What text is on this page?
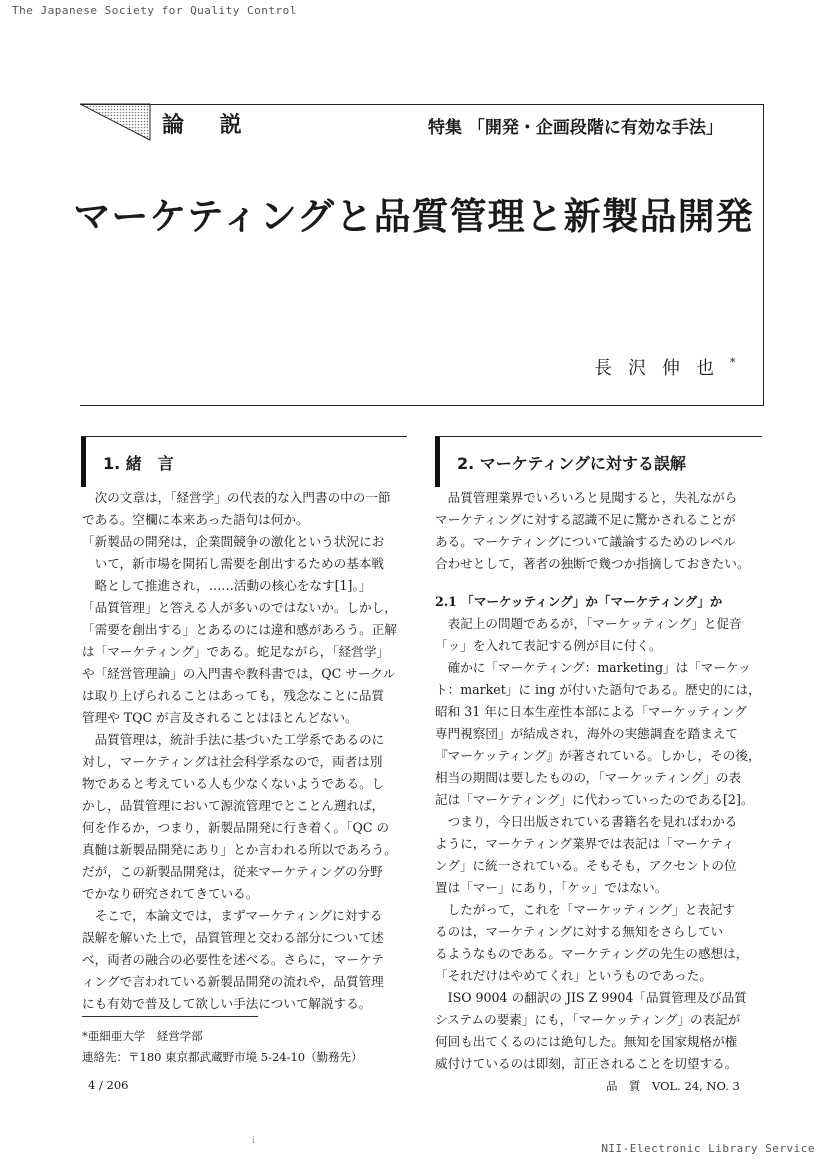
The Japanese Society for Quality Control
論 説	特集 「開発・企画段階に有効な手法」
マーケティングと品質管理と新製品開発
長沢伸也 *
1. 緒　言	2. マーケティングに対する誤解

　次の文章は，「経営学」の代表的な入門書の中の一節

である。空欄に本来あった語句は何か。

「新製品の開発は，企業間競争の激化という状況にお

　いて，新市場を開拓し需要を創出するための基本戦

　略として推進され，……活動の核心をなす[1]。」

「品質管理」と答える人が多いのではないか。しかし，

「需要を創出する」とあるのには違和感があろう。正解

は「マーケティング」である。蛇足ながら，「経営学」

や「経営管理論」の入門書や教科書では，QC サークル

は取り上げられることはあっても，残念なことに品質

管理や TQC が言及されることはほとんどない。

　品質管理は，統計手法に基づいた工学系であるのに

対し，マーケティングは社会科学系なので，両者は別

物であると考えている人も少なくないようである。し

かし，品質管理において源流管理でとことん遡れば，

何を作るか，つまり，新製品開発に行き着く。「QC の

真髄は新製品開発にあり」とか言われる所以であろう。

だが，この新製品開発は，従来マーケティングの分野

でかなり研究されてきている。

　そこで，本論文では，まずマーケティングに対する

誤解を解いた上で，品質管理と交わる部分について述

べ，両者の融合の必要性を述べる。さらに，マーケテ

ィングで言われている新製品開発の流れや，品質管理

にも有効で普及して欲しい手法について解説する。

　品質管理業界でいろいろと見聞すると，失礼ながら

マーケティングに対する認識不足に驚かされることが

ある。マーケティングについて議論するためのレベル

合わせとして，著者の独断で幾つか指摘しておきたい。

2.1 「マーケッティング」か「マーケティング」か

　表記上の問題であるが，「マーケッティング」と促音

「ッ」を入れて表記する例が目に付く。

　確かに「マーケティング：marketing」は「マーケッ

ト：market」に ing が付いた語句である。歴史的には，

昭和 31 年に日本生産性本部による「マーケッティング

専門視察団」が結成され，海外の実態調査を踏まえて

『マーケッティング』が著されている。しかし，その後，

相当の期間は要したものの，「マーケッティング」の表

記は「マーケティング」に代わっていったのである[2]。

　つまり，今日出版されている書籍名を見ればわかる

ように，マーケティング業界では表記は「マーケティ

ング」に統一されている。そもそも，アクセントの位

置は「マー」にあり，「ケッ」ではない。

　したがって，これを「マーケッティング」と表記す

るのは，マーケティングに対する無知をさらしてい

るようなものである。マーケティングの先生の感想は，

「それだけはやめてくれ」というものであった。

　ISO 9004 の翻訳の JIS Z 9904「品質管理及び品質

システムの要素」にも，「マーケッティング」の表記が

何回も出てくるのには絶句した。無知を国家規格が権

威付けているのは即刻，訂正されることを切望する。

*亜細亜大学　経営学部

連絡先：〒180 東京都武蔵野市境 5-24-10（勤務先）

4 / 206	品　質　VOL. 24, NO. 3
i
NII-Electronic Library Service
